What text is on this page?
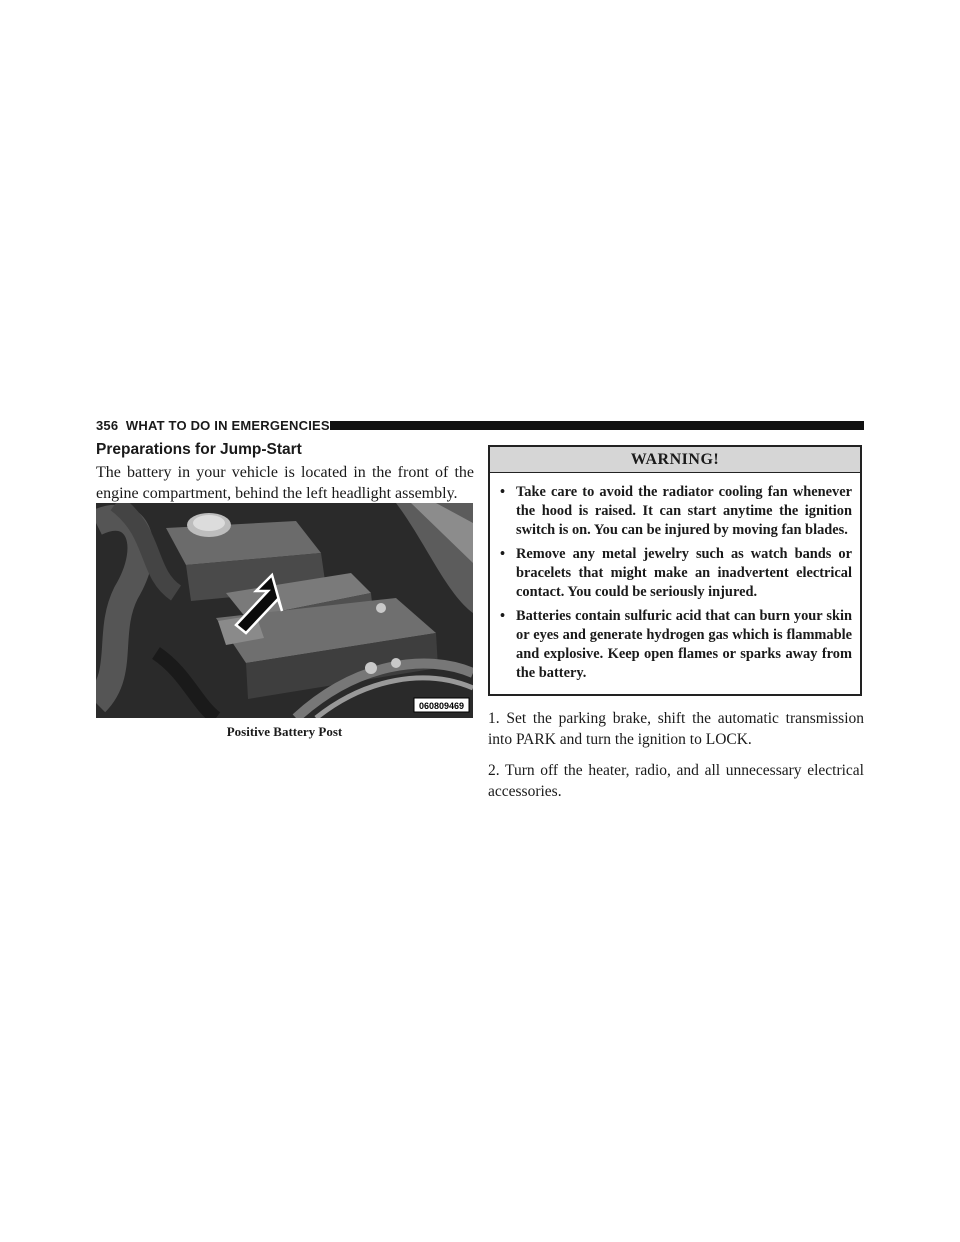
356 WHAT TO DO IN EMERGENCIES
Preparations for Jump-Start

The battery in your vehicle is located in the front of the engine compartment, behind the left headlight assembly.

060809469
Positive Battery Post
WARNING!
• Take care to avoid the radiator cooling fan whenever the hood is raised. It can start anytime the ignition switch is on. You can be injured by moving fan blades.
• Remove any metal jewelry such as watch bands or bracelets that might make an inadvertent electrical contact. You could be seriously injured.
• Batteries contain sulfuric acid that can burn your skin or eyes and generate hydrogen gas which is flammable and explosive. Keep open flames or sparks away from the battery.

1. Set the parking brake, shift the automatic transmission into PARK and turn the ignition to LOCK.

2. Turn off the heater, radio, and all unnecessary electrical accessories.
